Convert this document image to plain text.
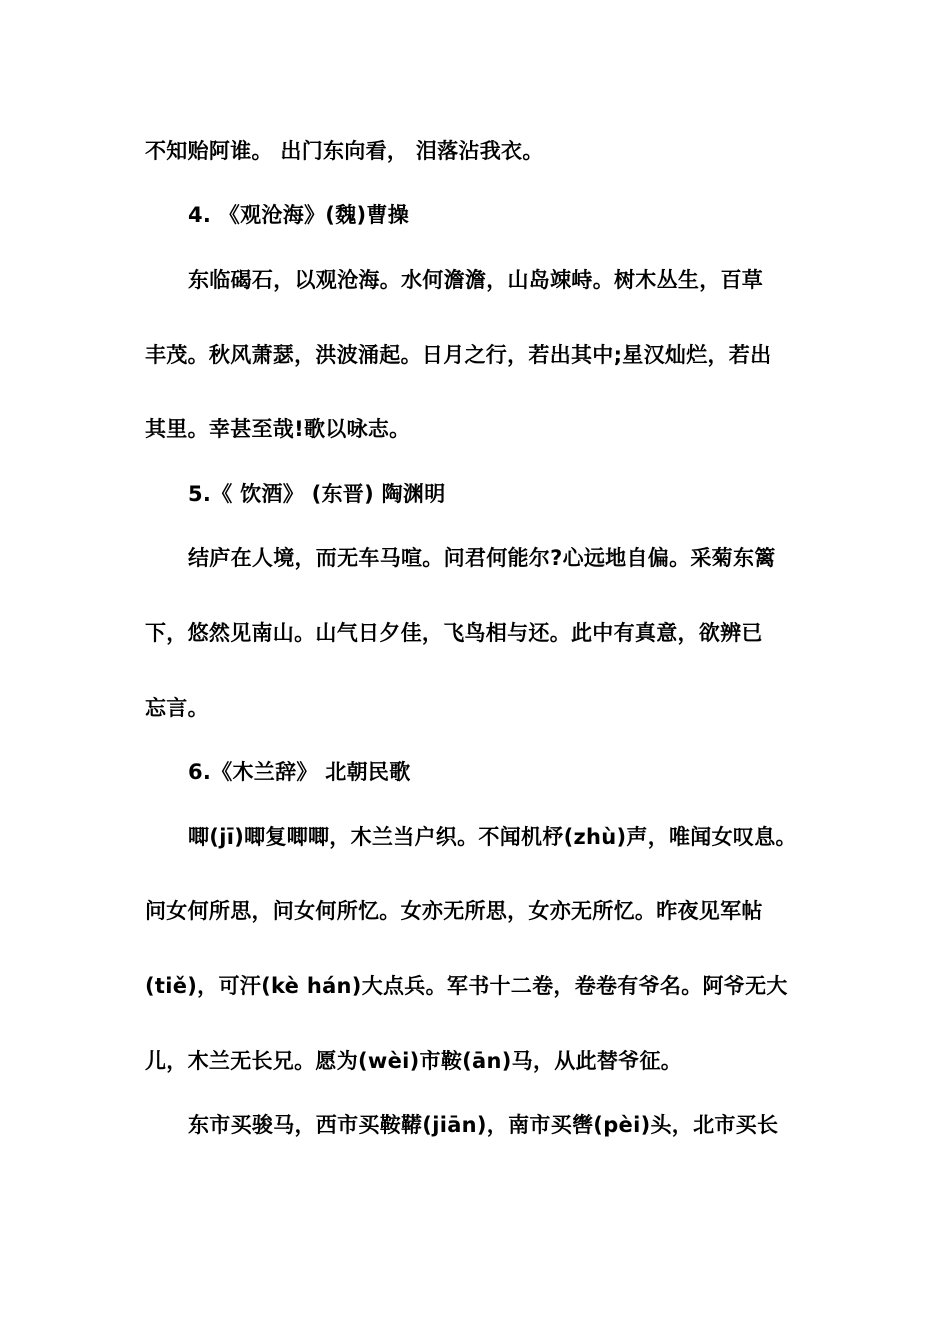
不知贻阿谁。 出门东向看， 泪落沾我衣。
4. 《观沧海》(魏)曹操
东临碣石，以观沧海。水何澹澹，山岛竦峙。树木丛生，百草
丰茂。秋风萧瑟，洪波涌起。日月之行，若出其中;星汉灿烂，若出
其里。幸甚至哉!歌以咏志。
5.《 饮酒》 (东晋) 陶渊明
结庐在人境，而无车马喧。问君何能尔?心远地自偏。采菊东篱
下，悠然见南山。山气日夕佳，飞鸟相与还。此中有真意，欲辨已
忘言。
6.《木兰辞》 北朝民歌
唧(jī)唧复唧唧，木兰当户织。不闻机杼(zhù)声，唯闻女叹息。
问女何所思，问女何所忆。女亦无所思，女亦无所忆。昨夜见军帖
(tiě)，可汗(kè hán)大点兵。军书十二卷，卷卷有爷名。阿爷无大
儿，木兰无长兄。愿为(wèi)市鞍(ān)马，从此替爷征。
东市买骏马，西市买鞍鞯(jiān)，南市买辔(pèi)头，北市买长
